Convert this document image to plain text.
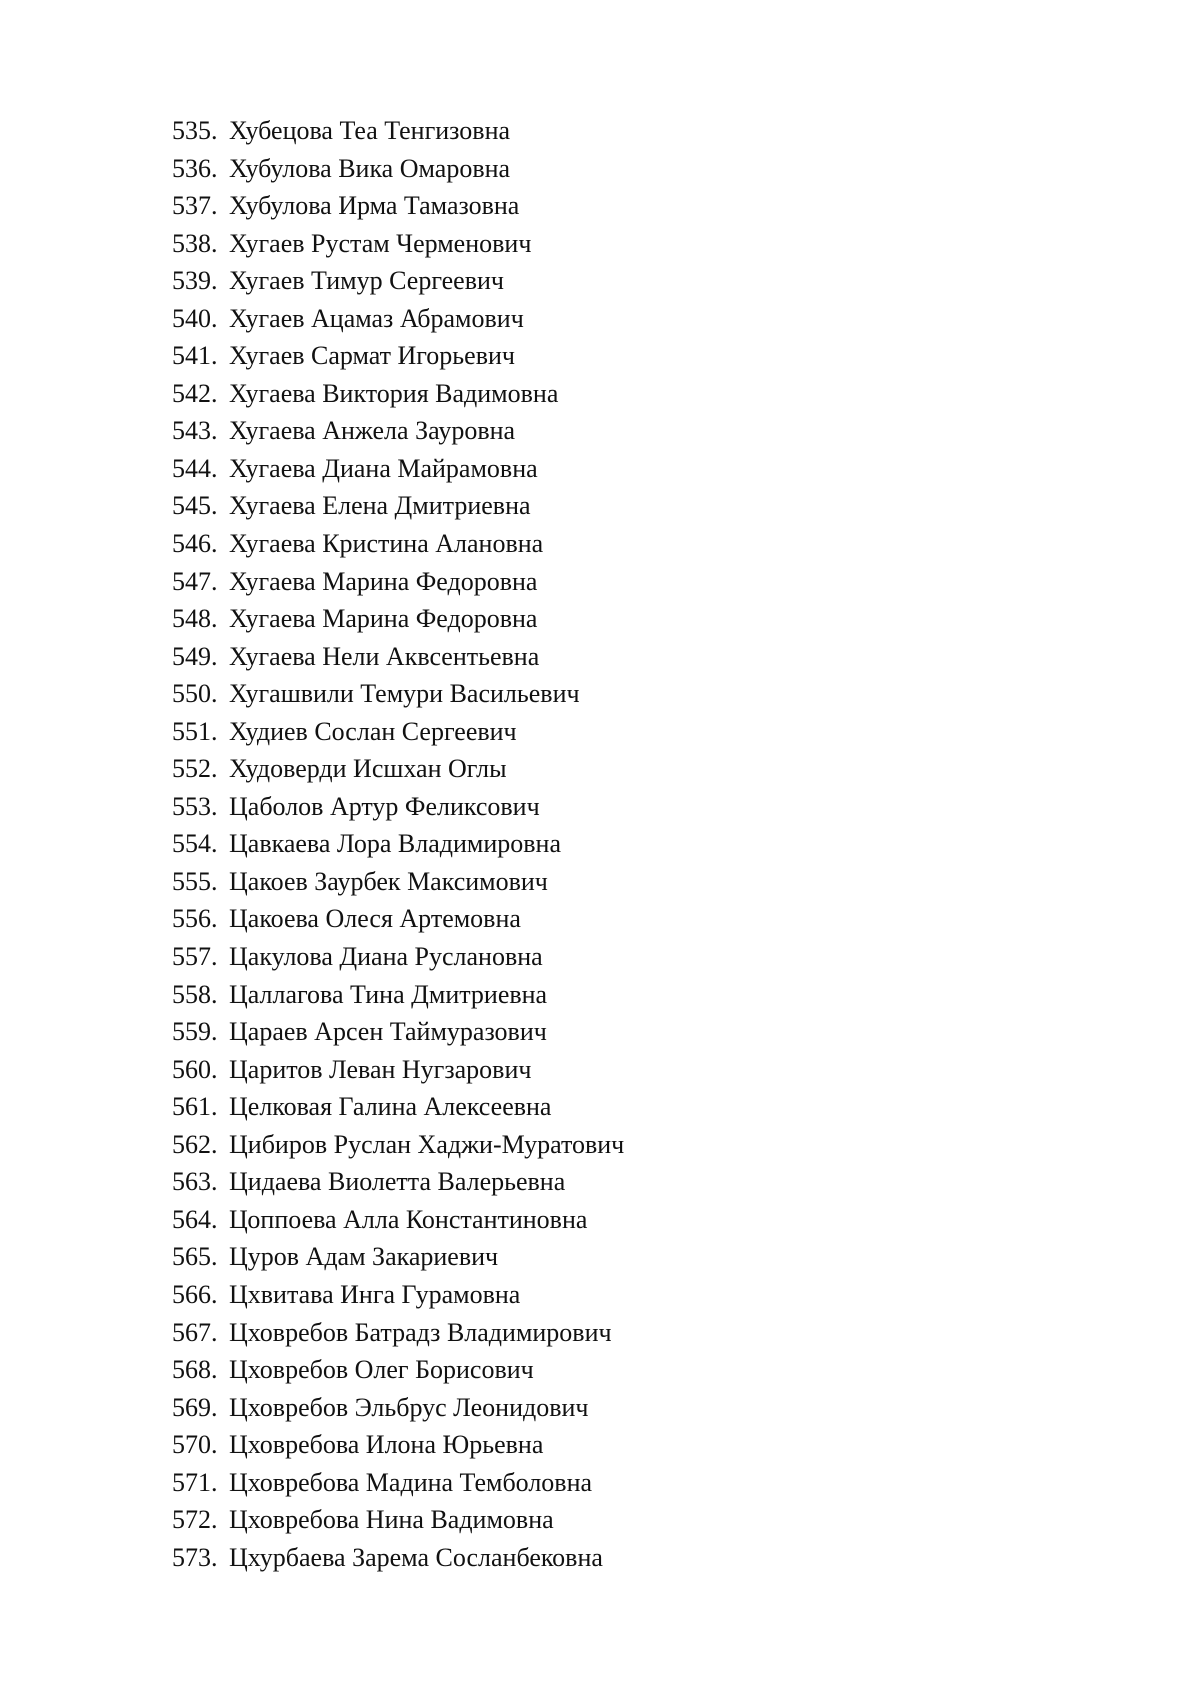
535. Хубецова Теа Тенгизовна
536. Хубулова Вика Омаровна
537. Хубулова Ирма Тамазовна
538. Хугаев Рустам Черменович
539. Хугаев Тимур Сергеевич
540. Хугаев Ацамаз Абрамович
541. Хугаев Сармат Игорьевич
542. Хугаева Виктория Вадимовна
543. Хугаева Анжела Зауровна
544. Хугаева Диана Майрамовна
545. Хугаева Елена Дмитриевна
546. Хугаева Кристина Алановна
547. Хугаева Марина Федоровна
548. Хугаева Марина Федоровна
549. Хугаева Нели Аквсентьевна
550. Хугашвили Темури Васильевич
551. Худиев Сослан Сергеевич
552. Худоверди Исшхан Оглы
553. Цаболов Артур Феликсович
554. Цавкаева Лора Владимировна
555. Цакоев Заурбек Максимович
556. Цакоева Олеся Артемовна
557. Цакулова Диана Руслановна
558. Цаллагова Тина Дмитриевна
559. Цараев Арсен Таймуразович
560. Царитов Леван Нугзарович
561. Целковая Галина Алексеевна
562. Цибиров Руслан Хаджи-Муратович
563. Цидаева Виолетта Валерьевна
564. Цоппоева Алла Константиновна
565. Цуров Адам Закариевич
566. Цхвитава Инга Гурамовна
567. Цховребов Батрадз Владимирович
568. Цховребов Олег Борисович
569. Цховребов Эльбрус Леонидович
570. Цховребова Илона Юрьевна
571. Цховребова Мадина Темболовна
572. Цховребова Нина Вадимовна
573. Цхурбаева Зарема Сосланбековна
